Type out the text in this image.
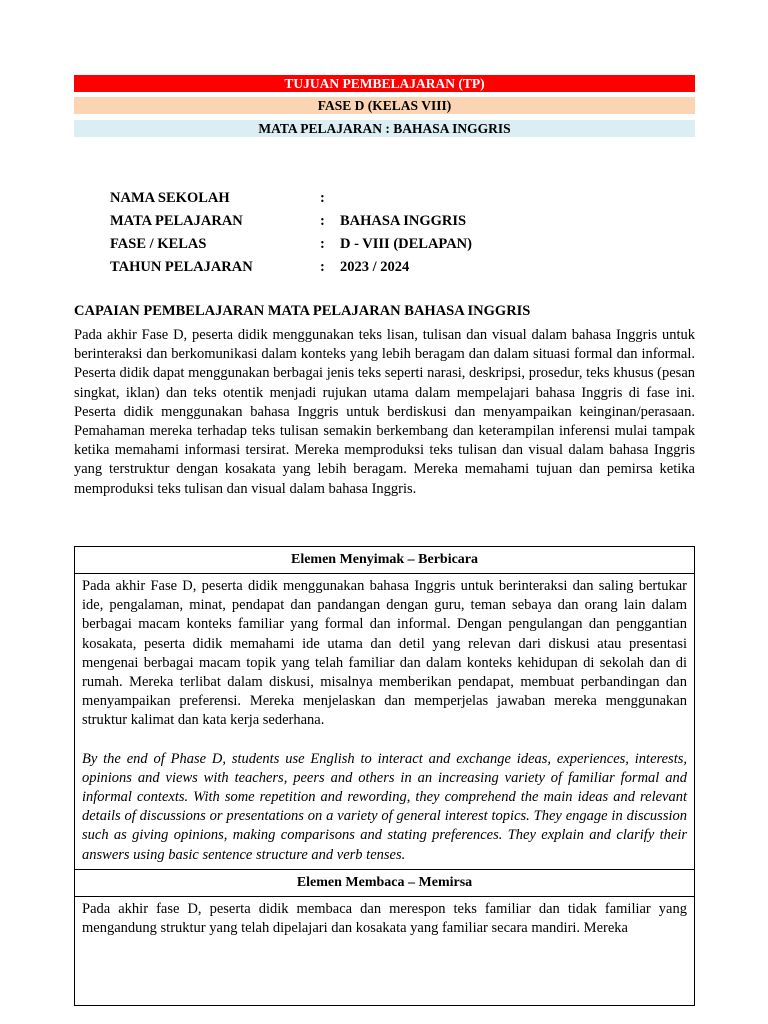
TUJUAN PEMBELAJARAN (TP)
FASE D (KELAS VIII)
MATA PELAJARAN : BAHASA INGGRIS
NAMA SEKOLAH	:
MATA PELAJARAN	:	BAHASA INGGRIS
FASE / KELAS	:	D - VIII (DELAPAN)
TAHUN PELAJARAN	:	2023 / 2024
CAPAIAN PEMBELAJARAN MATA PELAJARAN BAHASA INGGRIS
Pada akhir Fase D, peserta didik menggunakan teks lisan, tulisan dan visual dalam bahasa Inggris untuk berinteraksi dan berkomunikasi dalam konteks yang lebih beragam dan dalam situasi formal dan informal. Peserta didik dapat menggunakan berbagai jenis teks seperti narasi, deskripsi, prosedur, teks khusus (pesan singkat, iklan) dan teks otentik menjadi rujukan utama dalam mempelajari bahasa Inggris di fase ini. Peserta didik menggunakan bahasa Inggris untuk berdiskusi dan menyampaikan keinginan/perasaan. Pemahaman mereka terhadap teks tulisan semakin berkembang dan keterampilan inferensi mulai tampak ketika memahami informasi tersirat. Mereka memproduksi teks tulisan dan visual dalam bahasa Inggris yang terstruktur dengan kosakata yang lebih beragam. Mereka memahami tujuan dan pemirsa ketika memproduksi teks tulisan dan visual dalam bahasa Inggris.
Elemen Menyimak – Berbicara

Pada akhir Fase D, peserta didik menggunakan bahasa Inggris untuk berinteraksi dan saling bertukar ide, pengalaman, minat, pendapat dan pandangan dengan guru, teman sebaya dan orang lain dalam berbagai macam konteks familiar yang formal dan informal. Dengan pengulangan dan penggantian kosakata, peserta didik memahami ide utama dan detil yang relevan dari diskusi atau presentasi mengenai berbagai macam topik yang telah familiar dan dalam konteks kehidupan di sekolah dan di rumah. Mereka terlibat dalam diskusi, misalnya memberikan pendapat, membuat perbandingan dan menyampaikan preferensi. Mereka menjelaskan dan memperjelas jawaban mereka menggunakan struktur kalimat dan kata kerja sederhana.

By the end of Phase D, students use English to interact and exchange ideas, experiences, interests, opinions and views with teachers, peers and others in an increasing variety of familiar formal and informal contexts. With some repetition and rewording, they comprehend the main ideas and relevant details of discussions or presentations on a variety of general interest topics. They engage in discussion such as giving opinions, making comparisons and stating preferences. They explain and clarify their answers using basic sentence structure and verb tenses.

Elemen Membaca – Memirsa

Pada akhir fase D, peserta didik membaca dan merespon teks familiar dan tidak familiar yang mengandung struktur yang telah dipelajari dan kosakata yang familiar secara mandiri. Mereka
